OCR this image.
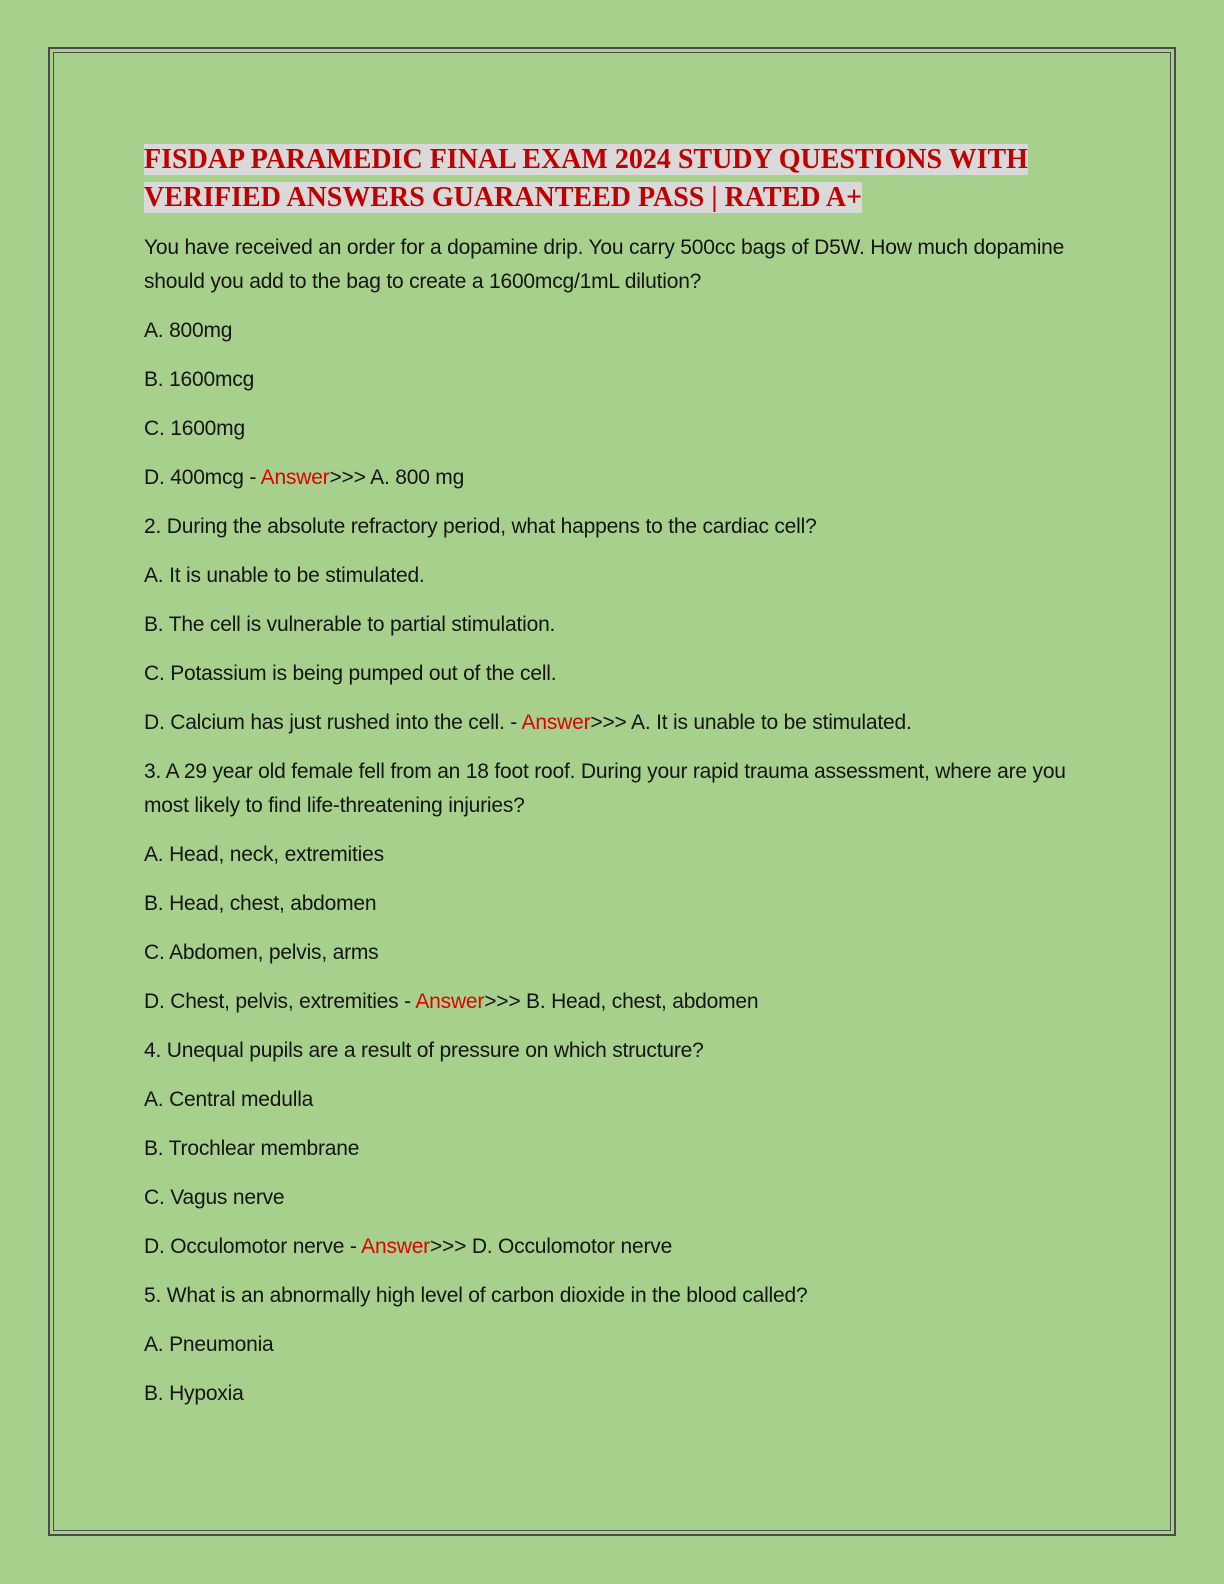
FISDAP PARAMEDIC FINAL EXAM 2024 STUDY QUESTIONS WITH
VERIFIED ANSWERS GUARANTEED PASS | RATED A+

You have received an order for a dopamine drip. You carry 500cc bags of D5W. How much dopamine should you add to the bag to create a 1600mcg/1mL dilution?

A. 800mg

B. 1600mcg

C. 1600mg

D. 400mcg - Answer>>> A. 800 mg

2. During the absolute refractory period, what happens to the cardiac cell?

A. It is unable to be stimulated.

B. The cell is vulnerable to partial stimulation.

C. Potassium is being pumped out of the cell.

D. Calcium has just rushed into the cell. - Answer>>> A. It is unable to be stimulated.

3. A 29 year old female fell from an 18 foot roof. During your rapid trauma assessment, where are you most likely to find life-threatening injuries?

A. Head, neck, extremities

B. Head, chest, abdomen

C. Abdomen, pelvis, arms

D. Chest, pelvis, extremities - Answer>>> B. Head, chest, abdomen

4. Unequal pupils are a result of pressure on which structure?

A. Central medulla

B. Trochlear membrane

C. Vagus nerve

D. Occulomotor nerve - Answer>>> D. Occulomotor nerve

5. What is an abnormally high level of carbon dioxide in the blood called?

A. Pneumonia

B. Hypoxia
